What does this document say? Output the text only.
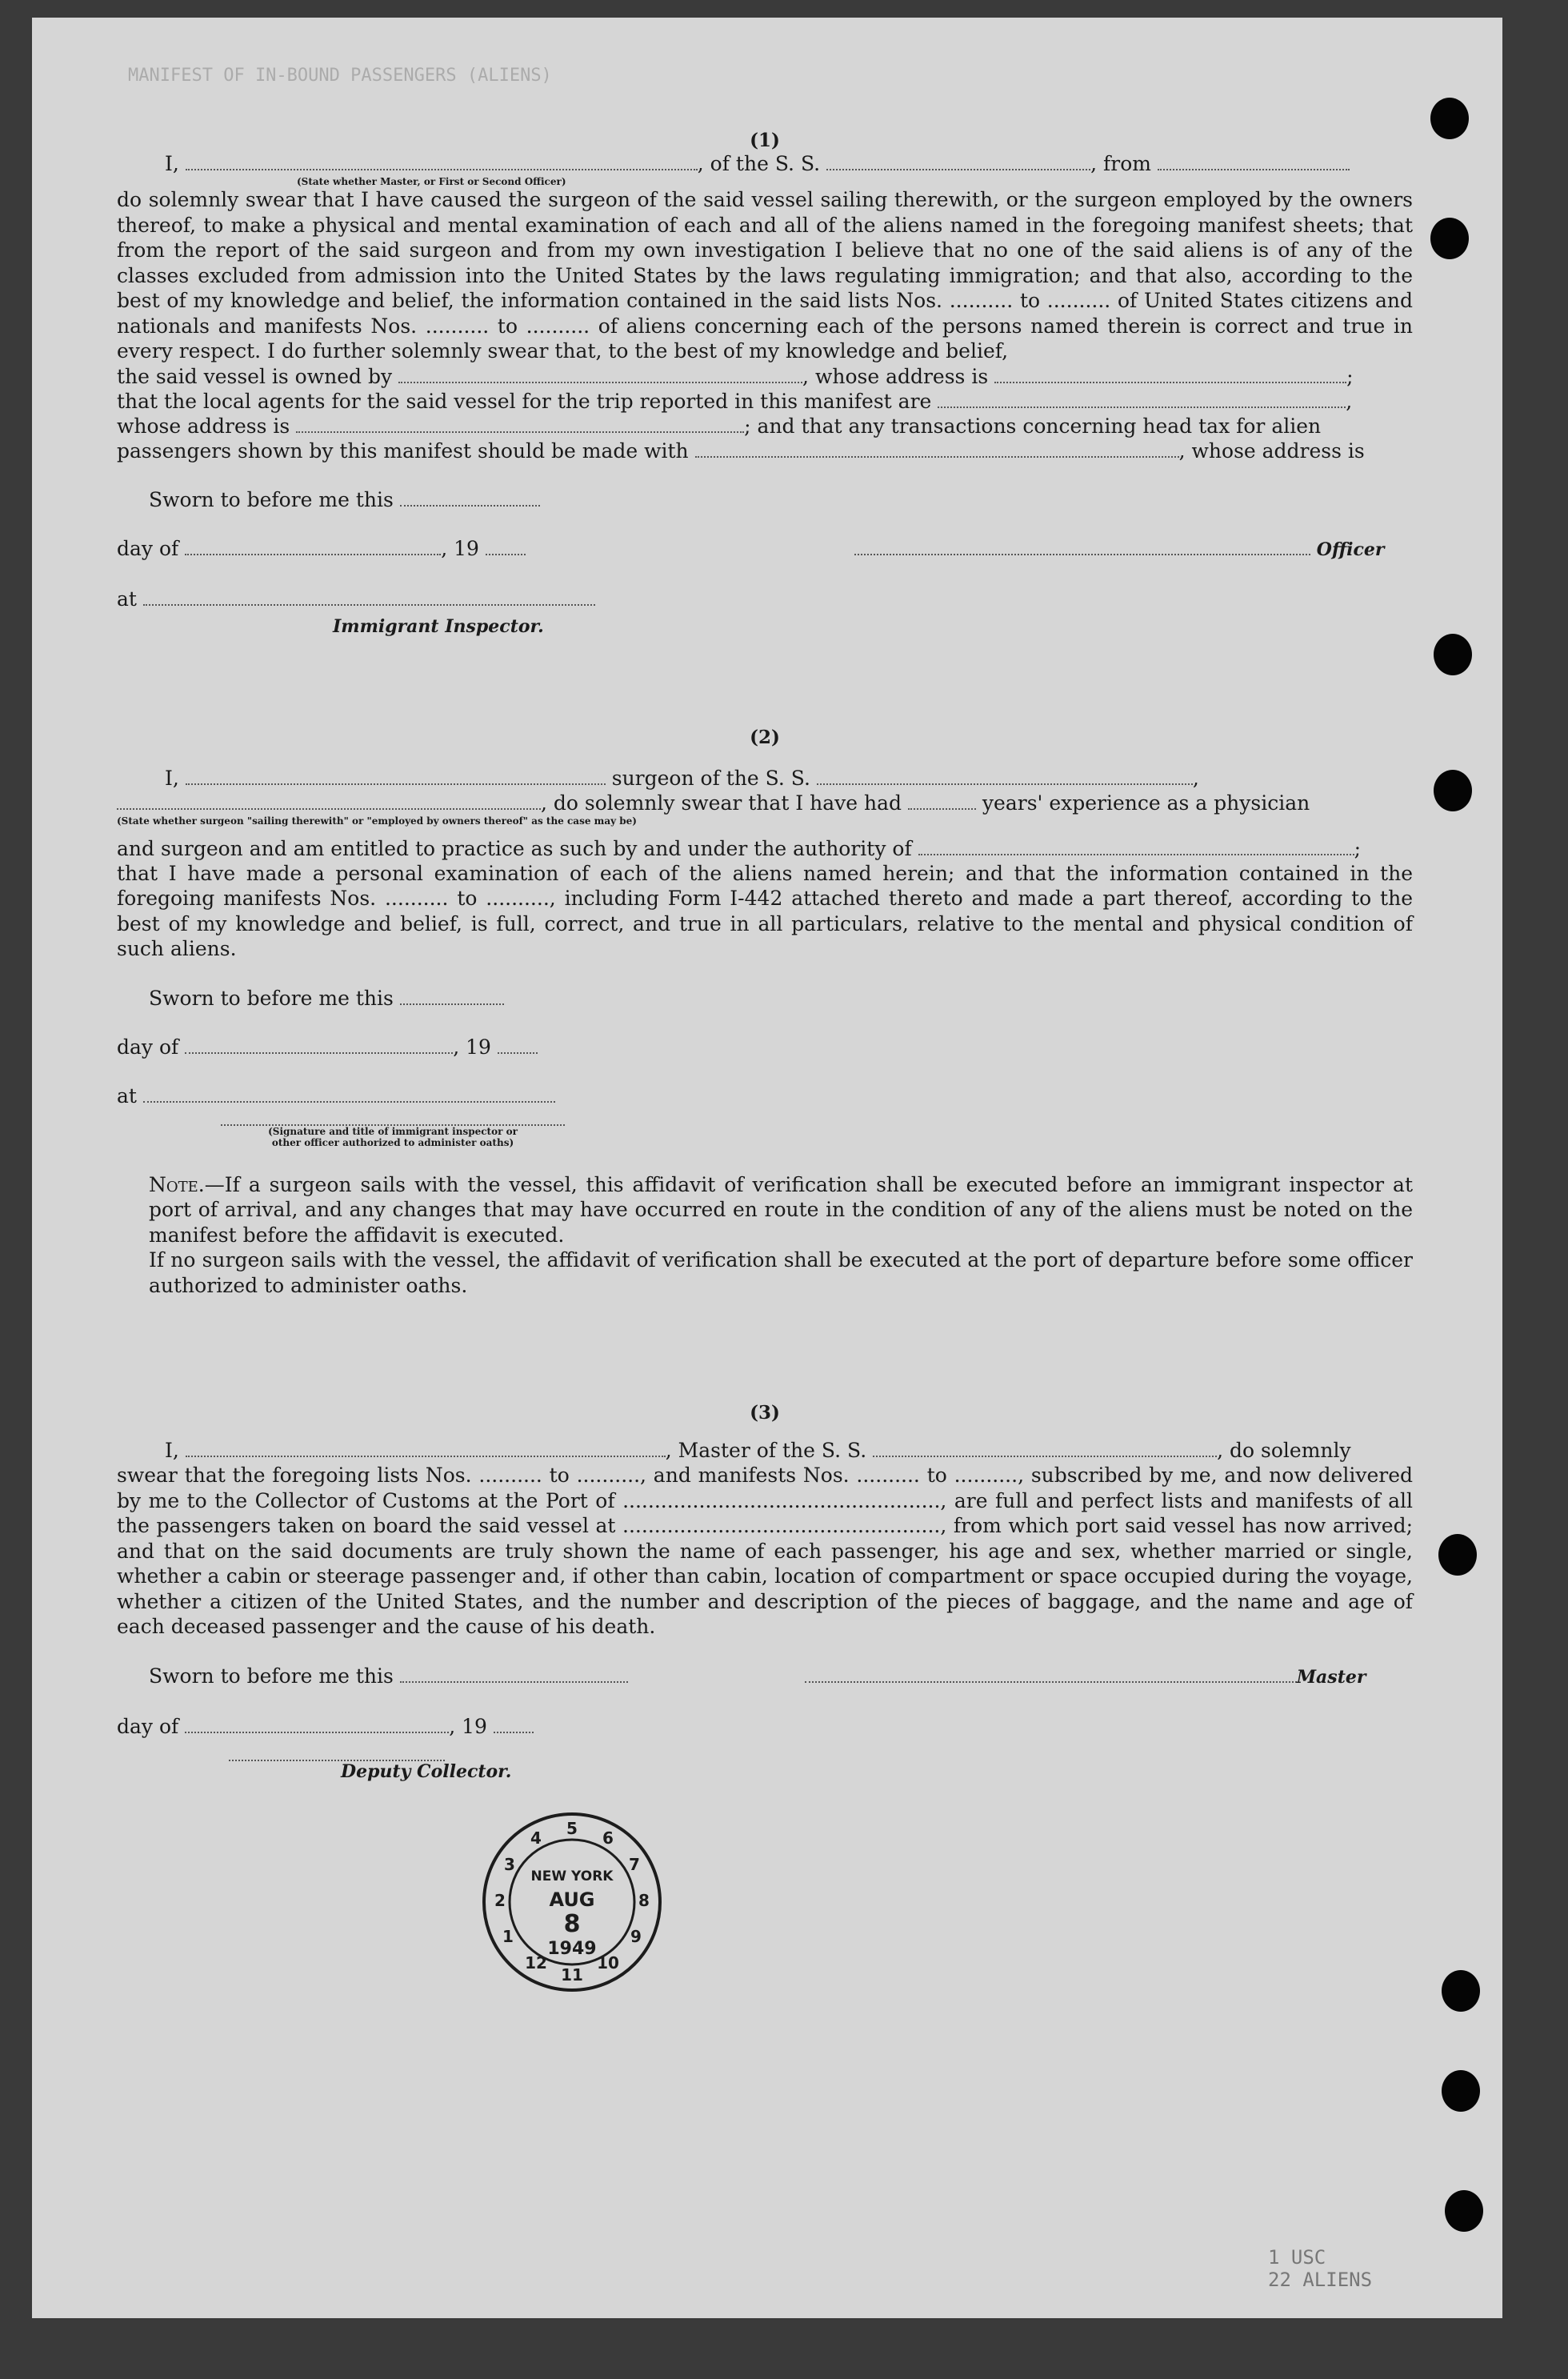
MANIFEST OF IN-BOUND PASSENGERS (ALIENS)

(1)

I,	, of the S. S.	, from

(State whether Master, or First or Second Officer)

do solemnly swear that I have caused the surgeon of the said vessel sailing therewith, or the surgeon employed by the owners thereof, to make a physical and mental examination of each and all of the aliens named in the foregoing manifest sheets; that from the report of the said surgeon and from my own investigation I believe that no one of the said aliens is of any of the classes excluded from admission into the United States by the laws regulating immigration; and that also, according to the best of my knowledge and belief, the information contained in the said lists Nos. .......... to .......... of United States citizens and nationals and manifests Nos. .......... to .......... of aliens concerning each of the persons named therein is correct and true in every respect. I do further solemnly swear that, to the best of my knowledge and belief,

the said vessel is owned by	, whose address is	;

that the local agents for the said vessel for the trip reported in this manifest are	,

whose address is	; and that any transactions concerning head tax for alien

passengers shown by this manifest should be made with	, whose address is

Sworn to before me this

day of	, 19	Officer

at

Immigrant Inspector.

(2)

I,	surgeon of the S. S.	,

, do solemnly swear that I have had	years' experience as a physician

(State whether surgeon "sailing therewith" or "employed by owners thereof" as the case may be)

and surgeon and am entitled to practice as such by and under the authority of	;

that I have made a personal examination of each of the aliens named herein; and that the information contained in the foregoing manifests Nos. .......... to .........., including Form I-442 attached thereto and made a part thereof, according to the best of my knowledge and belief, is full, correct, and true in all particulars, relative to the mental and physical condition of such aliens.

Sworn to before me this

day of	, 19

at

(Signature and title of immigrant inspector or

other officer authorized to administer oaths)

Note.—If a surgeon sails with the vessel, this affidavit of verification shall be executed before an immigrant inspector at port of arrival, and any changes that may have occurred en route in the condition of any of the aliens must be noted on the manifest before the affidavit is executed.

If no surgeon sails with the vessel, the affidavit of verification shall be executed at the port of departure before some officer authorized to administer oaths.

(3)

I,	, Master of the S. S.	, do solemnly

swear that the foregoing lists Nos. .......... to .........., and manifests Nos. .......... to .........., subscribed by me, and now delivered by me to the Collector of Customs at the Port of .................................................., are full and perfect lists and manifests of all the passengers taken on board the said vessel at .................................................., from which port said vessel has now arrived; and that on the said documents are truly shown the name of each passenger, his age and sex, whether married or single, whether a cabin or steerage passenger and, if other than cabin, location of compartment or space occupied during the voyage, whether a citizen of the United States, and the number and description of the pieces of baggage, and the name and age of each deceased passenger and the cause of his death.

Sworn to before me this	Master

day of	, 19

Deputy Collector.

5 6
7
8
9
10
11
12
1
2
3
4
NEW YORK
AUG
8
1949
1 USC
22 ALIENS
